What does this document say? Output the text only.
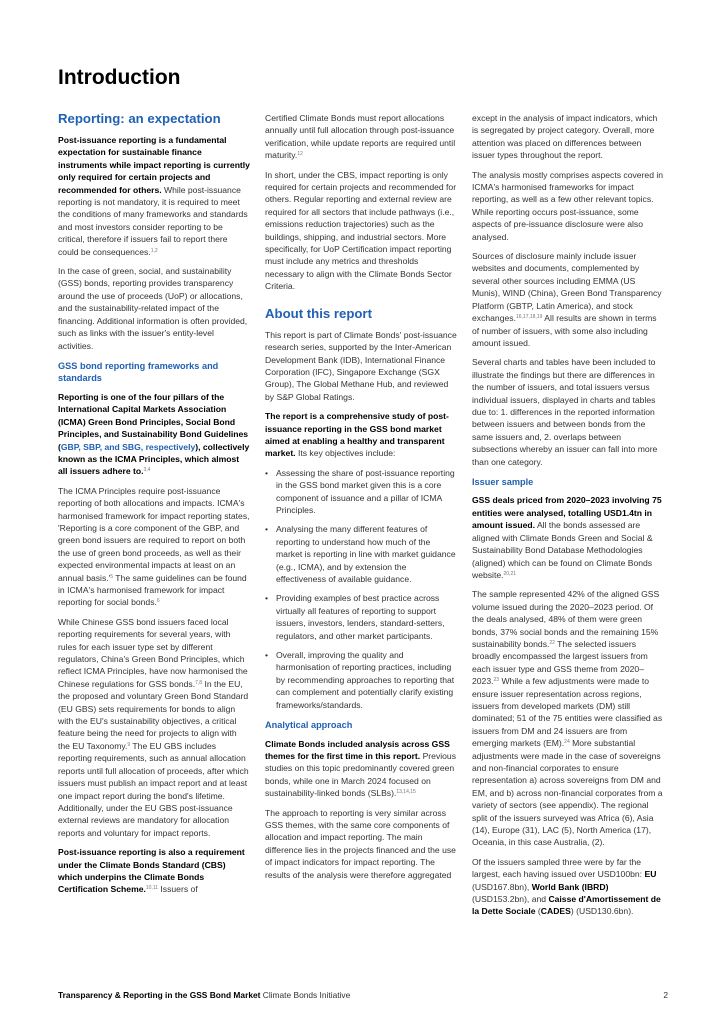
Introduction
Reporting: an expectation

Post-issuance reporting is a fundamental expectation for sustainable finance instruments while impact reporting is currently only required for certain projects and recommended for others. While post-issuance reporting is not mandatory, it is required to meet the conditions of many frameworks and standards and most investors consider reporting to be critical, therefore if issuers fail to report there could be consequences.$^{1,2}$

In the case of green, social, and sustainability (GSS) bonds, reporting provides transparency around the use of proceeds (UoP) or allocations, and the sustainability-related impact of the financing. Additional information is often provided, such as links with the issuer's entity-level activities.

GSS bond reporting frameworks and standards

Reporting is one of the four pillars of the International Capital Markets Association (ICMA) Green Bond Principles, Social Bond Principles, and Sustainability Bond Guidelines (GBP, SBP, and SBG, respectively), collectively known as the ICMA Principles, which almost all issuers adhere to.$^{3,4}$

The ICMA Principles require post-issuance reporting of both allocations and impacts. ICMA's harmonised framework for impact reporting states, 'Reporting is a core component of the GBP, and green bond issuers are required to report on both the use of green bond proceeds, as well as their expected environmental impacts at least on an annual $basis.'^5$ The same guidelines can be found in ICMA's harmonised framework for impact reporting for social bonds.$^6$

While Chinese GSS bond issuers faced local reporting requirements for several years, with rules for each issuer type set by different regulators, China's Green Bond Principles, which reflect ICMA Principles, have now harmonised the Chinese regulations for GSS bonds.$^{7,8}$ In the EU, the proposed and voluntary Green Bond Standard (EU GBS) sets requirements for bonds to align with the EU's sustainability objectives, a critical feature being the need for projects to align with the EU Taxonomy.$^9$ The EU GBS includes reporting requirements, such as annual allocation reports until full allocation of proceeds, after which issuers must publish an impact report and at least one impact report during the bond's lifetime. Additionally, under the EU GBS post-issuance external reviews are mandatory for allocation reports and voluntary for impact reports.

Post-issuance reporting is also a requirement under the Climate Bonds Standard (CBS) which underpins the Climate Bonds Certification Scheme.$^{10,11}$ Issuers of

Certified Climate Bonds must report allocations annually until full allocation through post-issuance verification, while update reports are required until maturity.$^{12}$

In short, under the CBS, impact reporting is only required for certain projects and recommended for others. Regular reporting and external review are required for all sectors that include pathways (i.e., emissions reduction trajectories) such as the buildings, shipping, and industrial sectors. More specifically, for UoP Certification impact reporting must include any metrics and thresholds necessary to align with the Climate Bonds Sector Criteria.

About this report

This report is part of Climate Bonds' post-issuance research series, supported by the Inter-American Development Bank (IDB), International Finance Corporation (IFC), Singapore Exchange (SGX Group), The Global Methane Hub, and reviewed by S&P Global Ratings.

The report is a comprehensive study of post-issuance reporting in the GSS bond market aimed at enabling a healthy and transparent market. Its key objectives include:

• Assessing the share of post-issuance reporting in the GSS bond market given this is a core component of issuance and a pillar of ICMA Principles.
• Analysing the many different features of reporting to understand how much of the market is reporting in line with market guidance (e.g., ICMA), and by extension the effectiveness of available guidance.
• Providing examples of best practice across virtually all features of reporting to support issuers, investors, lenders, standard-setters, regulators, and other market participants.
• Overall, improving the quality and harmonisation of reporting practices, including by recommending approaches to reporting that can complement and potentially clarify existing frameworks/standards.
Analytical approach

Climate Bonds included analysis across GSS themes for the first time in this report. Previous studies on this topic predominantly covered green bonds, while one in March 2024 focused on sustainability-linked bonds (SLBs).$^{13,14,15}$

The approach to reporting is very similar across GSS themes, with the same core components of allocation and impact reporting. The main difference lies in the projects financed and the use of impact indicators for impact reporting. The results of the analysis were therefore aggregated

except in the analysis of impact indicators, which is segregated by project category. Overall, more attention was placed on differences between issuer types throughout the report.

The analysis mostly comprises aspects covered in ICMA's harmonised frameworks for impact reporting, as well as a few other relevant topics. While reporting occurs post-issuance, some aspects of pre-issuance disclosure were also analysed.

Sources of disclosure mainly include issuer websites and documents, complemented by several other sources including EMMA (US Munis), WIND (China), Green Bond Transparency Platform (GBTP, Latin America), and stock exchanges.$^{16,17,18,19}$ All results are shown in terms of number of issuers, with some also including amount issued.

Several charts and tables have been included to illustrate the findings but there are differences in the number of issuers, and total issuers versus individual issuers, displayed in charts and tables due to: 1. differences in the reported information between issuers and between bonds from the same issuers and, 2. overlaps between subsections whereby an issuer can fall into more than one category.

Issuer sample

GSS deals priced from 2020–2023 involving 75 entities were analysed, totalling USD1.4tn in amount issued. All the bonds assessed are aligned with Climate Bonds Green and Social & Sustainability Bond Database Methodologies (aligned) which can be found on Climate Bonds website.$^{20,21}$

The sample represented 42% of the aligned GSS volume issued during the 2020–2023 period. Of the deals analysed, 48% of them were green bonds, 37% social bonds and the remaining 15% sustainability bonds.$^{22}$ The selected issuers broadly encompassed the largest issuers from each issuer type and GSS theme from 2020–2023.23 While a few adjustments were made to ensure issuer representation across regions, issuers from developed markets (DM) still dominated; 51 of the 75 entities were classified as issuers from DM and 24 issuers are from emerging markets (EM).$^{24}$ More substantial adjustments were made in the case of sovereigns and non-financial corporates to ensure representation a) across sovereigns from DM and EM, and b) across non-financial corporates from a variety of sectors (see appendix). The regional split of the issuers surveyed was Africa (6), Asia (14), Europe (31), LAC (5), North America (17), Oceania, in this case Australia, (2).

Of the issuers sampled three were by far the largest, each having issued over USD100bn: EU (USD167.8bn), World Bank (IBRD) (USD153.2bn), and Caisse d'Amortissement de la Dette Sociale (CADES) (USD130.6bn).

Transparency & Reporting in the GSS Bond Market Climate Bonds Initiative	2
